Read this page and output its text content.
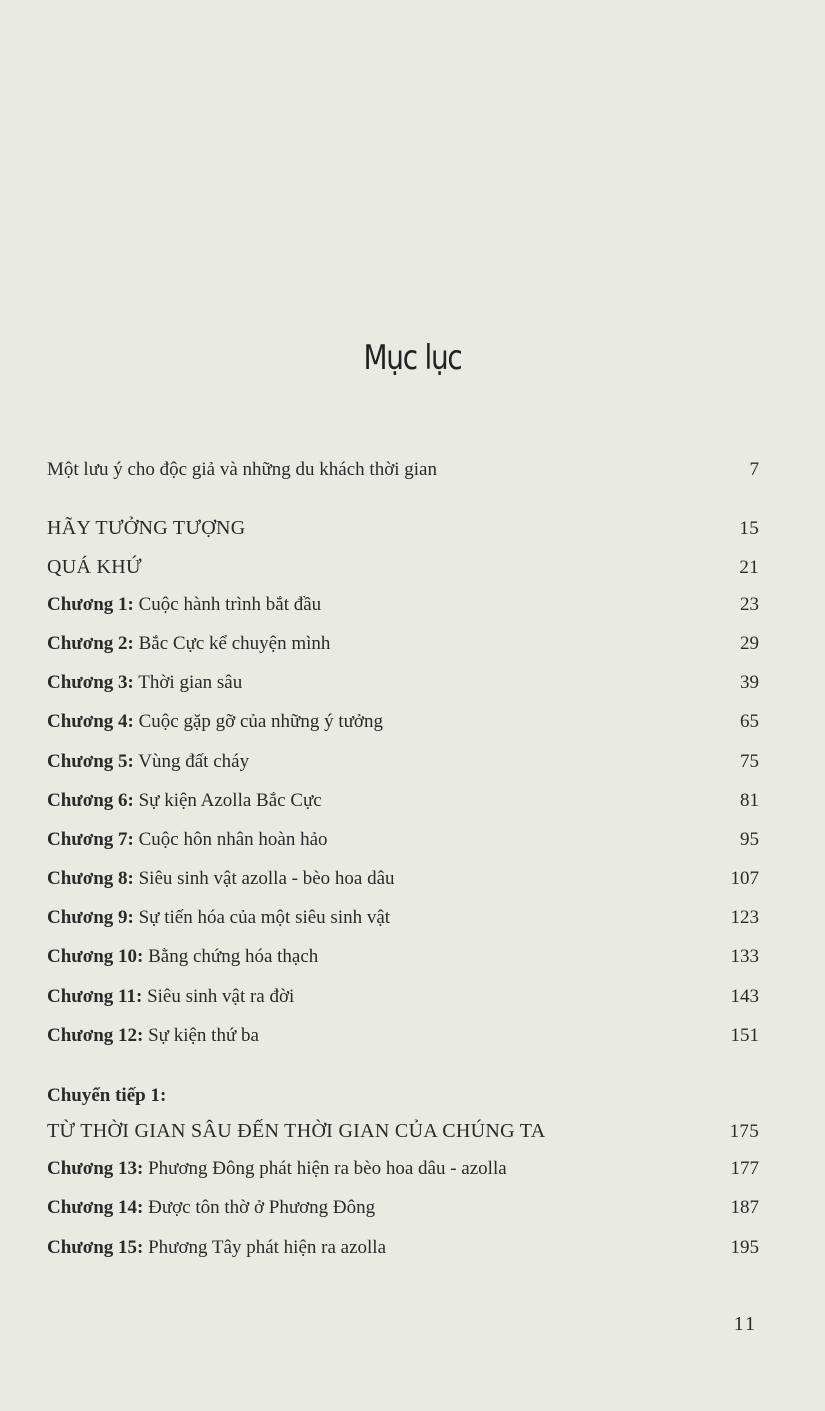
Mục lục
Một lưu ý cho độc giả và những du khách thời gian	7
HÃY TƯỞNG TƯỢNG	15
QUÁ KHỨ	21
Chương 1: Cuộc hành trình bắt đầu	23
Chương 2: Bắc Cực kể chuyện mình	29
Chương 3: Thời gian sâu	39
Chương 4: Cuộc gặp gỡ của những ý tưởng	65
Chương 5: Vùng đất cháy	75
Chương 6: Sự kiện Azolla Bắc Cực	81
Chương 7: Cuộc hôn nhân hoàn hảo	95
Chương 8: Siêu sinh vật azolla - bèo hoa dâu	107
Chương 9: Sự tiến hóa của một siêu sinh vật	123
Chương 10: Bằng chứng hóa thạch	133
Chương 11: Siêu sinh vật ra đời	143
Chương 12: Sự kiện thứ ba	151
Chuyển tiếp 1:
TỪ THỜI GIAN SÂU ĐẾN THỜI GIAN CỦA CHÚNG TA	175
Chương 13: Phương Đông phát hiện ra bèo hoa dâu - azolla	177
Chương 14: Được tôn thờ ở Phương Đông	187
Chương 15: Phương Tây phát hiện ra azolla	195
11
